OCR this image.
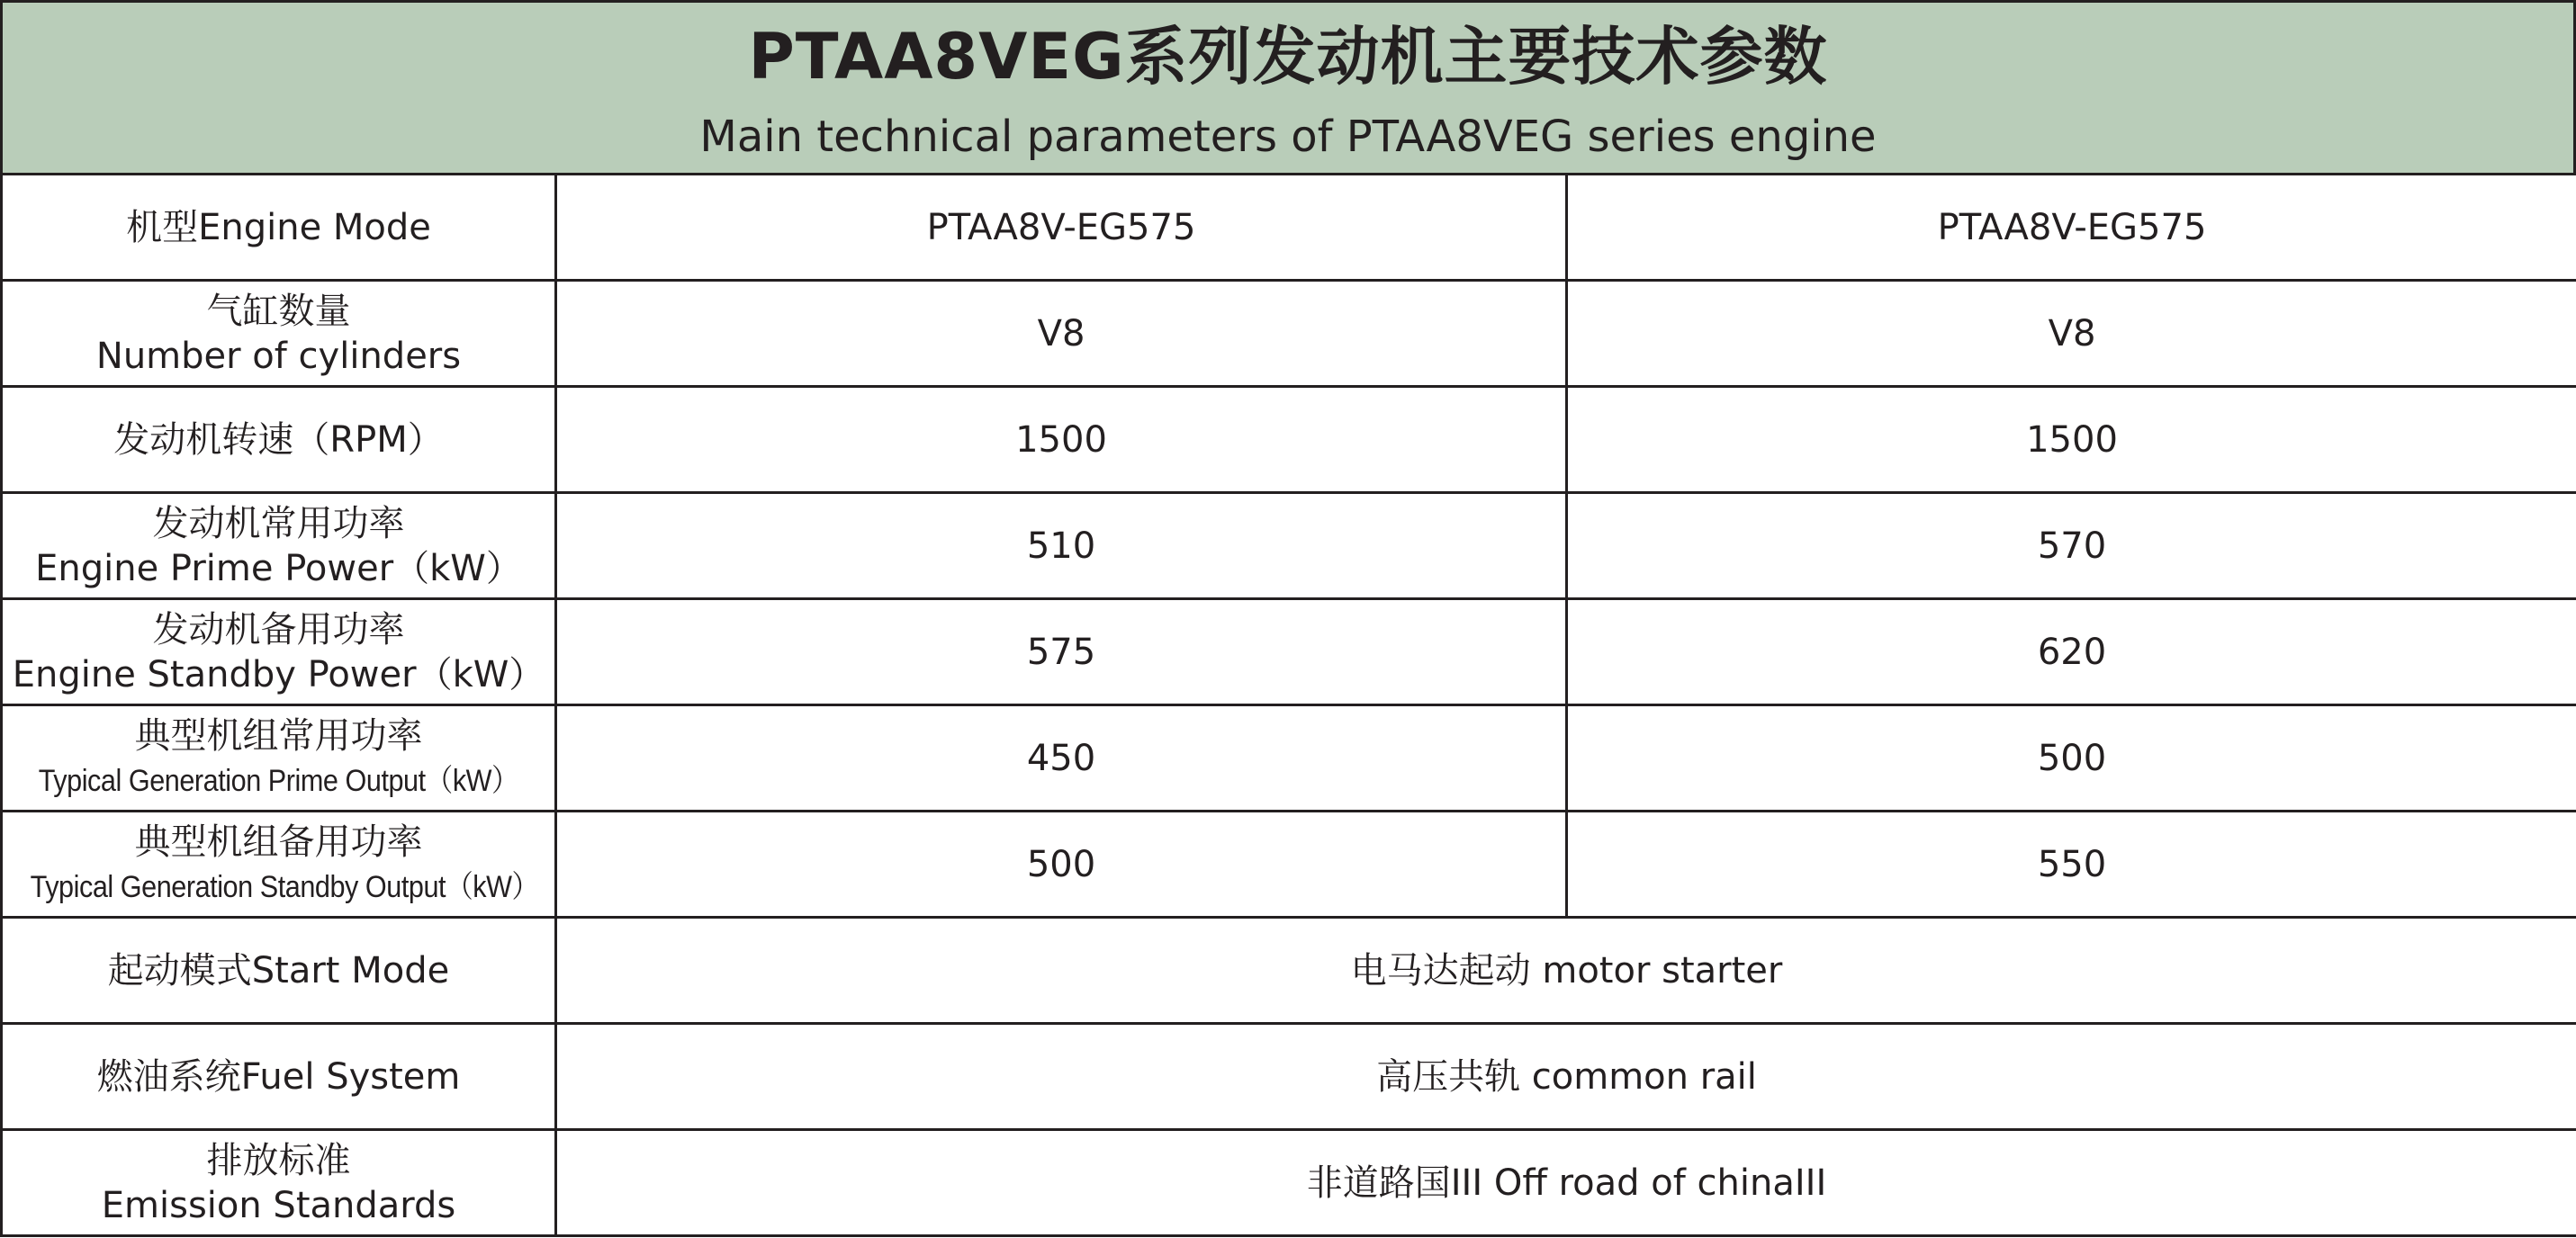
PTAA8VEG系列发动机主要技术参数
Main technical parameters of PTAA8VEG series engine
机型Engine Mode	PTAA8V-EG575	PTAA8V-EG575

气缸数量
Number of cylinders	V8	V8
发动机转速（RPM）	1500	1500

发动机常用功率
Engine Prime Power（kW）	510	570

发动机备用功率
Engine Standby Power（kW）	575	620

典型机组常用功率
Typical Generation Prime Output（kW）	450	500

典型机组备用功率
Typical Generation Standby Output（kW）	500	550
起动模式Start Mode	电马达起动 motor starter	
燃油系统Fuel System	高压共轨 common rail	

排放标准
Emission Standards	非道路国III Off road of chinaIII	
